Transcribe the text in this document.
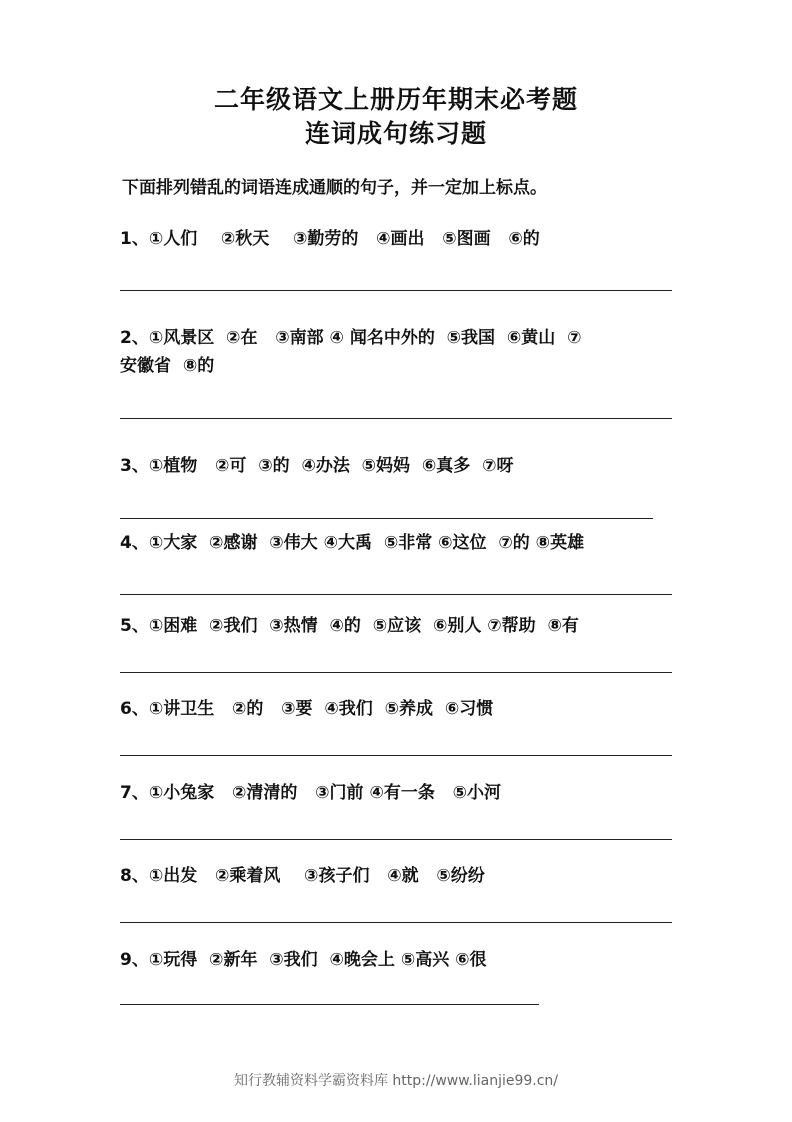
二年级语文上册历年期末必考题
连词成句练习题

下面排列错乱的词语连成通顺的句子，并一定加上标点。

1、①人们    ②秋天    ③勤劳的   ④画出   ⑤图画   ⑥的

2、①风景区  ②在   ③南部 ④ 闻名中外的  ⑤我国  ⑥黄山  ⑦

安徽省  ⑧的

3、①植物   ②可  ③的  ④办法  ⑤妈妈  ⑥真多  ⑦呀

4、①大家  ②感谢  ③伟大 ④大禹  ⑤非常 ⑥这位  ⑦的 ⑧英雄

5、①困难  ②我们  ③热情  ④的  ⑤应该  ⑥别人 ⑦帮助  ⑧有

6、①讲卫生   ②的   ③要  ④我们  ⑤养成  ⑥习惯

7、①小兔家   ②清清的   ③门前 ④有一条   ⑤小河

8、①出发   ②乘着风    ③孩子们   ④就   ⑤纷纷

9、①玩得  ②新年  ③我们  ④晚会上 ⑤高兴 ⑥很

知行教辅资料学霸资料库 http://www.lianjie99.cn/
